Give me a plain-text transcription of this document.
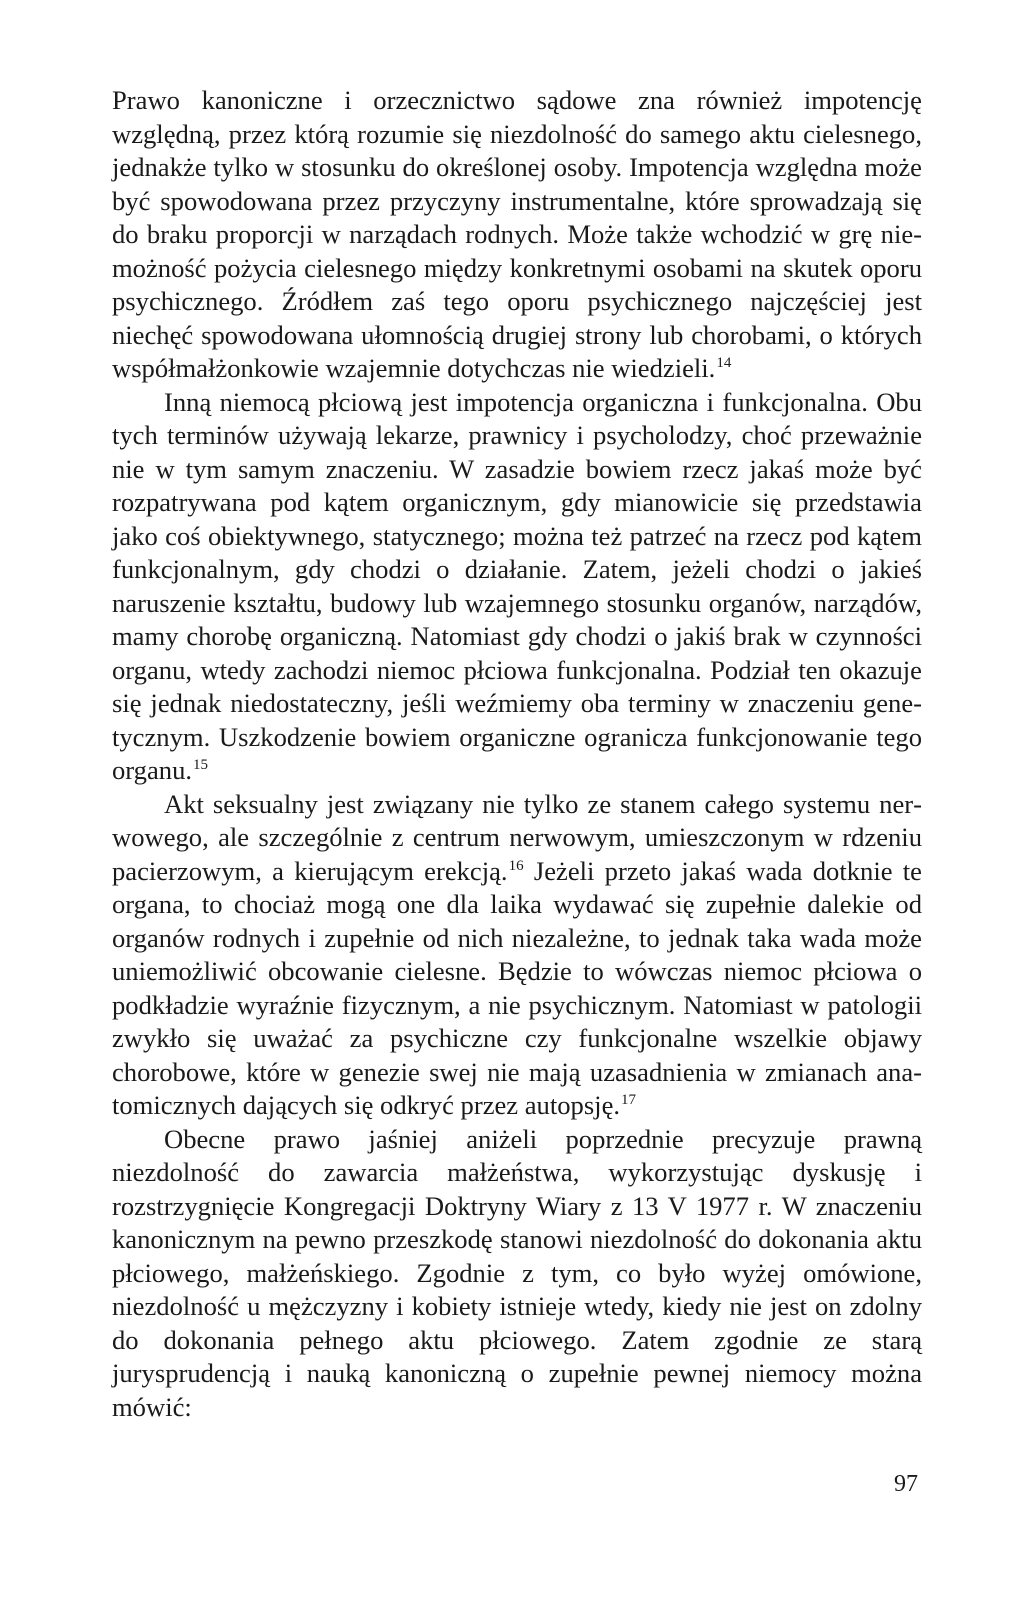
Prawo kanoniczne i orzecznictwo sądowe zna również impotencję względną, przez którą rozumie się niezdolność do samego aktu cielesnego, jednakże tylko w stosunku do określonej osoby. Impotencja względna może być spowodowana przez przyczyny instrumentalne, które sprowadzają się do braku proporcji w narządach rodnych. Może także wchodzić w grę niemożność pożycia cielesnego między konkretnymi osobami na skutek oporu psychicznego. Źródłem zaś tego oporu psychicznego najczęściej jest niechęć spowodowana ułomnością drugiej strony lub chorobami, o których współmałżonkowie wzajemnie dotychczas nie wiedzieli.$^{14}$

Inną niemocą płciową jest impotencja organiczna i funkcjonalna. Obu tych terminów używają lekarze, prawnicy i psycholodzy, choć przeważnie nie w tym samym znaczeniu. W zasadzie bowiem rzecz jakaś może być rozpatrywana pod kątem organicznym, gdy mianowicie się przedstawia jako coś obiektywnego, statycznego; można też patrzeć na rzecz pod kątem funkcjonalnym, gdy chodzi o działanie. Zatem, jeżeli chodzi o jakieś naruszenie kształtu, budowy lub wzajemnego stosunku organów, narządów, mamy chorobę organiczną. Natomiast gdy chodzi o jakiś brak w czynności organu, wtedy zachodzi niemoc płciowa funkcjonalna. Podział ten okazuje się jednak niedostateczny, jeśli weźmiemy oba terminy w znaczeniu genetycznym. Uszkodzenie bowiem organiczne ogranicza funkcjonowanie tego organu.$^{15}$

Akt seksualny jest związany nie tylko ze stanem całego systemu nerwowego, ale szczególnie z centrum nerwowym, umieszczonym w rdzeniu pacierzowym, a kierującym erekcją.$^{16}$ Jeżeli przeto jakaś wada dotknie te organa, to chociaż mogą one dla laika wydawać się zupełnie dalekie od organów rodnych i zupełnie od nich niezależne, to jednak taka wada może uniemożliwić obcowanie cielesne. Będzie to wówczas niemoc płciowa o podkładzie wyraźnie fizycznym, a nie psychicznym. Natomiast w patologii zwykło się uważać za psychiczne czy funkcjonalne wszelkie objawy chorobowe, które w genezie swej nie mają uzasadnienia w zmianach anatomicznych dających się odkryć przez autopsję.$^{17}$

Obecne prawo jaśniej aniżeli poprzednie precyzuje prawną niezdolność do zawarcia małżeństwa, wykorzystując dyskusję i rozstrzygnięcie Kongregacji Doktryny Wiary z 13 V 1977 r. W znaczeniu kanonicznym na pewno przeszkodę stanowi niezdolność do dokonania aktu płciowego, małżeńskiego. Zgodnie z tym, co było wyżej omówione, niezdolność u mężczyzny i kobiety istnieje wtedy, kiedy nie jest on zdolny do dokonania pełnego aktu płciowego. Zatem zgodnie ze starą jurysprudencją i nauką kanoniczną o zupełnie pewnej niemocy można mówić:

97
